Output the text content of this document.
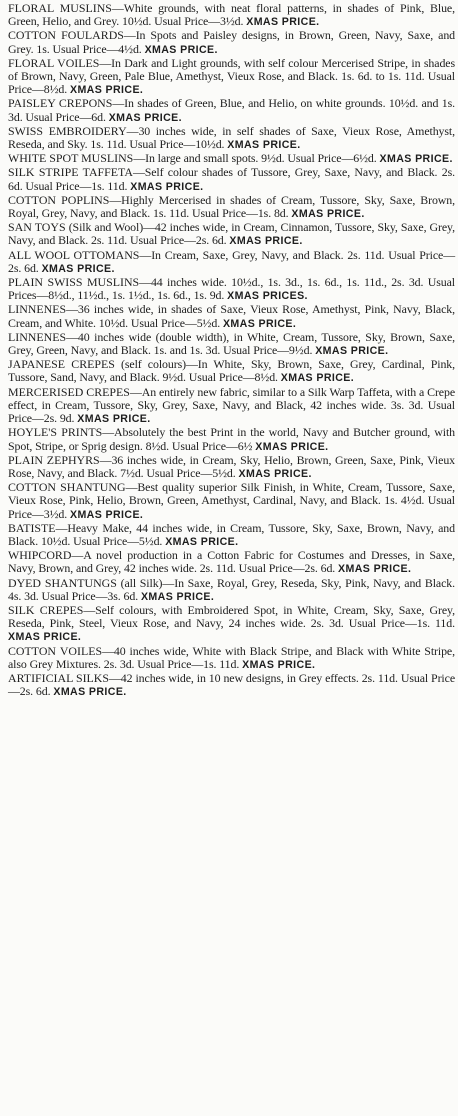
FLORAL MUSLINS—White grounds, with neat floral patterns, in shades of Pink, Blue, Green, Helio, and Grey. 10½d. Usual Price—3½d. XMAS PRICE.

COTTON FOULARDS—In Spots and Paisley designs, in Brown, Green, Navy, Saxe, and Grey. 1s. Usual Price—4½d. XMAS PRICE.

FLORAL VOILES—In Dark and Light grounds, with self colour Mercerised Stripe, in shades of Brown, Navy, Green, Pale Blue, Amethyst, Vieux Rose, and Black. 1s. 6d. to 1s. 11d. Usual Price—8½d. XMAS PRICE.

PAISLEY CREPONS—In shades of Green, Blue, and Helio, on white grounds. 10½d. and 1s. 3d. Usual Price—6d. XMAS PRICE.

SWISS EMBROIDERY—30 inches wide, in self shades of Saxe, Vieux Rose, Amethyst, Reseda, and Sky. 1s. 11d. Usual Price—10½d. XMAS PRICE.

WHITE SPOT MUSLINS—In large and small spots. 9½d. Usual Price—6½d. XMAS PRICE.

SILK STRIPE TAFFETA—Self colour shades of Tussore, Grey, Saxe, Navy, and Black. 2s. 6d. Usual Price—1s. 11d. XMAS PRICE.

COTTON POPLINS—Highly Mercerised in shades of Cream, Tussore, Sky, Saxe, Brown, Royal, Grey, Navy, and Black. 1s. 11d. Usual Price—1s. 8d. XMAS PRICE.

SAN TOYS (Silk and Wool)—42 inches wide, in Cream, Cinnamon, Tussore, Sky, Saxe, Grey, Navy, and Black. 2s. 11d. Usual Price—2s. 6d. XMAS PRICE.

ALL WOOL OTTOMANS—In Cream, Saxe, Grey, Navy, and Black. 2s. 11d. Usual Price—2s. 6d. XMAS PRICE.

PLAIN SWISS MUSLINS—44 inches wide. 10½d., 1s. 3d., 1s. 6d., 1s. 11d., 2s. 3d. Usual Prices—8½d., 11½d., 1s. 1½d., 1s. 6d., 1s. 9d. XMAS PRICES.

LINNENES—36 inches wide, in shades of Saxe, Vieux Rose, Amethyst, Pink, Navy, Black, Cream, and White. 10½d. Usual Price—5½d. XMAS PRICE.

LINNENES—40 inches wide (double width), in White, Cream, Tussore, Sky, Brown, Saxe, Grey, Green, Navy, and Black. 1s. and 1s. 3d. Usual Price—9½d. XMAS PRICE.

JAPANESE CREPES (self colours)—In White, Sky, Brown, Saxe, Grey, Cardinal, Pink, Tussore, Sand, Navy, and Black. 9½d. Usual Price—8½d. XMAS PRICE.

MERCERISED CREPES—An entirely new fabric, similar to a Silk Warp Taffeta, with a Crepe effect, in Cream, Tussore, Sky, Grey, Saxe, Navy, and Black, 42 inches wide. 3s. 3d. Usual Price—2s. 9d. XMAS PRICE.

HOYLE'S PRINTS—Absolutely the best Print in the world, Navy and Butcher ground, with Spot, Stripe, or Sprig design. 8½d. Usual Price—6½ XMAS PRICE.

PLAIN ZEPHYRS—36 inches wide, in Cream, Sky, Helio, Brown, Green, Saxe, Pink, Vieux Rose, Navy, and Black. 7½d. Usual Price—5½d. XMAS PRICE.

COTTON SHANTUNG—Best quality superior Silk Finish, in White, Cream, Tussore, Saxe, Vieux Rose, Pink, Helio, Brown, Green, Amethyst, Cardinal, Navy, and Black. 1s. 4½d. Usual Price—3½d. XMAS PRICE.

BATISTE—Heavy Make, 44 inches wide, in Cream, Tussore, Sky, Saxe, Brown, Navy, and Black. 10½d. Usual Price—5½d. XMAS PRICE.

WHIPCORD—A novel production in a Cotton Fabric for Costumes and Dresses, in Saxe, Navy, Brown, and Grey, 42 inches wide. 2s. 11d. Usual Price—2s. 6d. XMAS PRICE.

DYED SHANTUNGS (all Silk)—In Saxe, Royal, Grey, Reseda, Sky, Pink, Navy, and Black. 4s. 3d. Usual Price—3s. 6d. XMAS PRICE.

SILK CREPES—Self colours, with Embroidered Spot, in White, Cream, Sky, Saxe, Grey, Reseda, Pink, Steel, Vieux Rose, and Navy, 24 inches wide. 2s. 3d. Usual Price—1s. 11d. XMAS PRICE.

COTTON VOILES—40 inches wide, White with Black Stripe, and Black with White Stripe, also Grey Mixtures. 2s. 3d. Usual Price—1s. 11d. XMAS PRICE.

ARTIFICIAL SILKS—42 inches wide, in 10 new designs, in Grey effects. 2s. 11d. Usual Price—2s. 6d. XMAS PRICE.
